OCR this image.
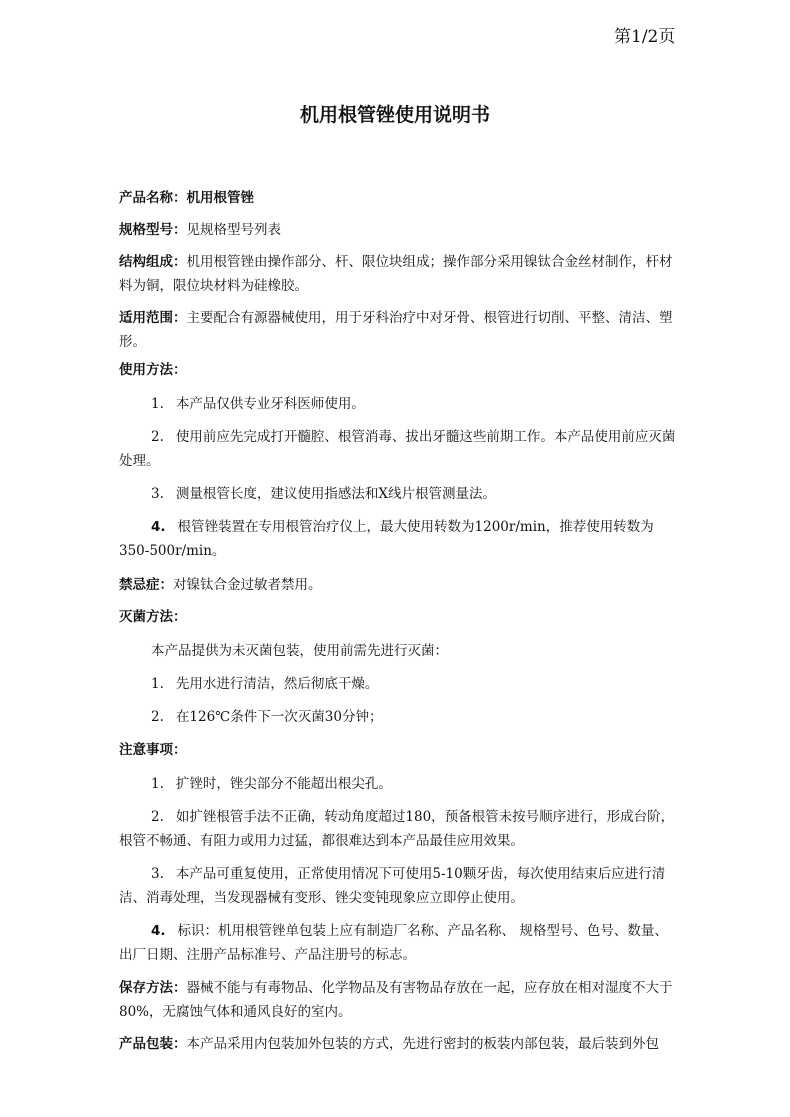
第1/2页
机用根管锉使用说明书

产品名称：机用根管锉

规格型号：见规格型号列表

结构组成：机用根管锉由操作部分、杆、限位块组成；操作部分采用镍钛合金丝材制作，杆材料为铜，限位块材料为硅橡胶。

适用范围：主要配合有源器械使用，用于牙科治疗中对牙骨、根管进行切削、平整、清洁、塑形。

使用方法：

1. 本产品仅供专业牙科医师使用。

2. 使用前应先完成打开髓腔、根管消毒、拔出牙髓这些前期工作。本产品使用前应灭菌处理。

3. 测量根管长度，建议使用指感法和X线片根管测量法。

4. 根管锉装置在专用根管治疗仪上，最大使用转数为1200r/min，推荐使用转数为350-500r/min。

禁忌症：对镍钛合金过敏者禁用。

灭菌方法：

本产品提供为未灭菌包装，使用前需先进行灭菌：

1. 先用水进行清洁，然后彻底干燥。

2. 在126℃条件下一次灭菌30分钟；

注意事项：

1. 扩锉时，锉尖部分不能超出根尖孔。

2. 如扩锉根管手法不正确，转动角度超过180，预备根管未按号顺序进行，形成台阶，根管不畅通、有阻力或用力过猛，都很难达到本产品最佳应用效果。

3. 本产品可重复使用，正常使用情况下可使用5-10颗牙齿，每次使用结束后应进行清洁、消毒处理，当发现器械有变形、锉尖变钝现象应立即停止使用。

4. 标识：机用根管锉单包装上应有制造厂名称、产品名称、 规格型号、色号、数量、出厂日期、注册产品标准号、产品注册号的标志。

保存方法：器械不能与有毒物品、化学物品及有害物品存放在一起，应存放在相对湿度不大于80%，无腐蚀气体和通风良好的室内。

产品包装：本产品采用内包装加外包装的方式，先进行密封的板装内部包装，最后装到外包
